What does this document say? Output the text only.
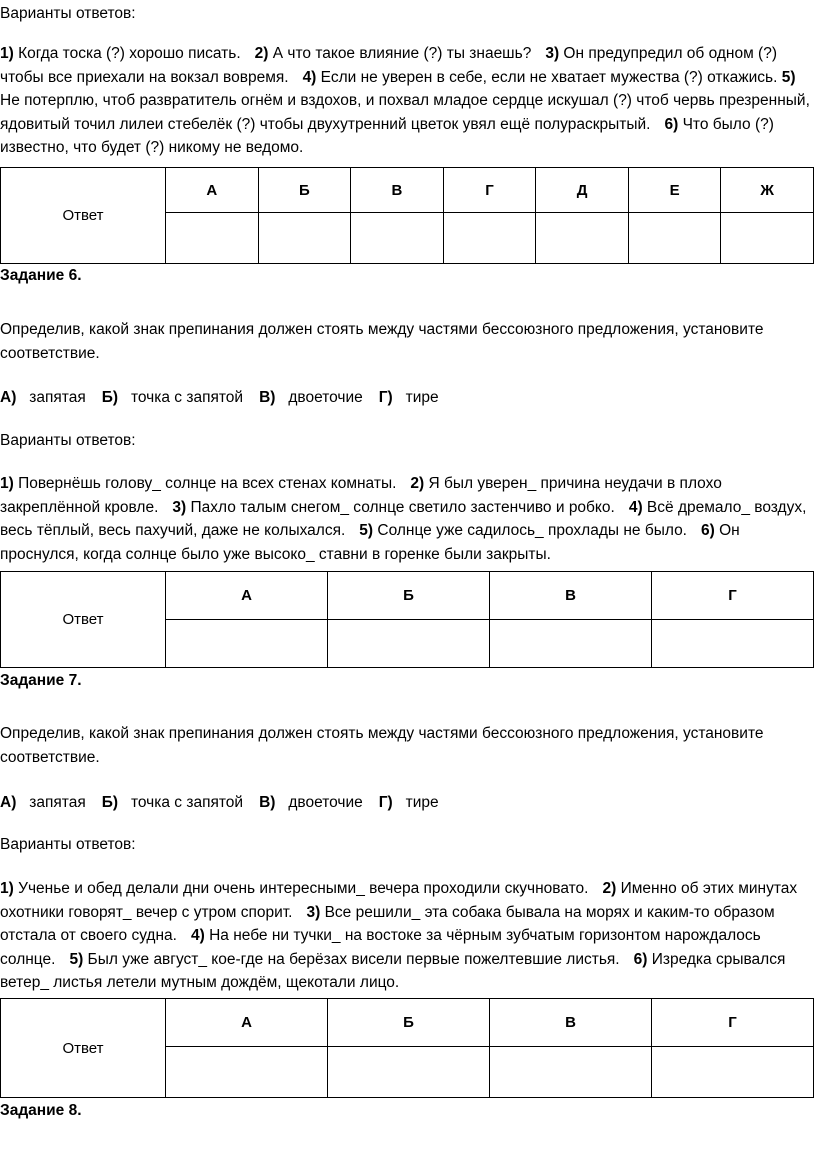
Варианты ответов:
1) Когда тоска (?) хорошо писать. 2) А что такое влияние (?) ты знаешь? 3) Он предупредил об одном (?) чтобы все приехали на вокзал вовремя. 4) Если не уверен в себе, если не хватает мужества (?) откажись. 5) Не потерплю, чтоб развратитель огнём и вздохов, и похвал младое сердце искушал (?) чтоб червь презренный, ядовитый точил лилеи стебелёк (?) чтобы двухутренний цветок увял ещё полураскрытый. 6) Что было (?) известно, что будет (?) никому не ведомо.
Ответ	А	Б	В	Г	Д	Е	Ж

Задание 6.
Определив, какой знак препинания должен стоять между частями бессоюзного предложения, установите соответствие.
А) запятая Б) точка с запятой В) двоеточие Г) тире
Варианты ответов:
1) Повернёшь голову_ солнце на всех стенах комнаты. 2) Я был уверен_ причина неудачи в плохо закреплённой кровле. 3) Пахло талым снегом_ солнце светило застенчиво и робко. 4) Всё дремало_ воздух, весь тёплый, весь пахучий, даже не колыхался. 5) Солнце уже садилось_ прохлады не было. 6) Он проснулся, когда солнце было уже высоко_ ставни в горенке были закрыты.
Ответ	А	Б	В	Г

Задание 7.
Определив, какой знак препинания должен стоять между частями бессоюзного предложения, установите соответствие.
А) запятая Б) точка с запятой В) двоеточие Г) тире
Варианты ответов:
1) Ученье и обед делали дни очень интересными_ вечера проходили скучновато. 2) Именно об этих минутах охотники говорят_ вечер с утром спорит. 3) Все решили_ эта собака бывала на морях и каким-то образом отстала от своего судна. 4) На небе ни тучки_ на востоке за чёрным зубчатым горизонтом нарождалось солнце. 5) Был уже август_ кое-где на берёзах висели первые пожелтевшие листья. 6) Изредка срывался ветер_ листья летели мутным дождём, щекотали лицо.
Ответ	А	Б	В	Г

Задание 8.
